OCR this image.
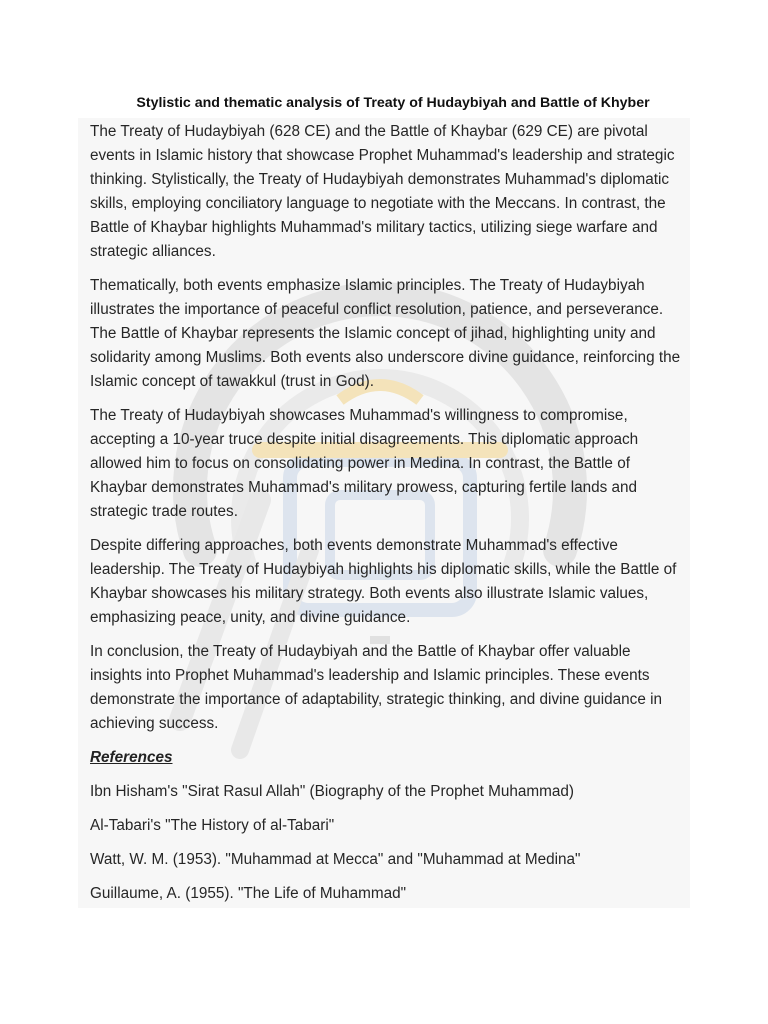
Stylistic and thematic analysis of Treaty of Hudaybiyah and Battle of Khyber

The Treaty of Hudaybiyah (628 CE) and the Battle of Khaybar (629 CE) are pivotal events in Islamic history that showcase Prophet Muhammad's leadership and strategic thinking. Stylistically, the Treaty of Hudaybiyah demonstrates Muhammad's diplomatic skills, employing conciliatory language to negotiate with the Meccans. In contrast, the Battle of Khaybar highlights Muhammad's military tactics, utilizing siege warfare and strategic alliances.

Thematically, both events emphasize Islamic principles. The Treaty of Hudaybiyah illustrates the importance of peaceful conflict resolution, patience, and perseverance. The Battle of Khaybar represents the Islamic concept of jihad, highlighting unity and solidarity among Muslims. Both events also underscore divine guidance, reinforcing the Islamic concept of tawakkul (trust in God).

The Treaty of Hudaybiyah showcases Muhammad's willingness to compromise, accepting a 10-year truce despite initial disagreements. This diplomatic approach allowed him to focus on consolidating power in Medina. In contrast, the Battle of Khaybar demonstrates Muhammad's military prowess, capturing fertile lands and strategic trade routes.

Despite differing approaches, both events demonstrate Muhammad's effective leadership. The Treaty of Hudaybiyah highlights his diplomatic skills, while the Battle of Khaybar showcases his military strategy. Both events also illustrate Islamic values, emphasizing peace, unity, and divine guidance.

In conclusion, the Treaty of Hudaybiyah and the Battle of Khaybar offer valuable insights into Prophet Muhammad's leadership and Islamic principles. These events demonstrate the importance of adaptability, strategic thinking, and divine guidance in achieving success.

References
Ibn Hisham's "Sirat Rasul Allah" (Biography of the Prophet Muhammad)
Al-Tabari's "The History of al-Tabari"
Watt, W. M. (1953). "Muhammad at Mecca" and "Muhammad at Medina"
Guillaume, A. (1955). "The Life of Muhammad"
